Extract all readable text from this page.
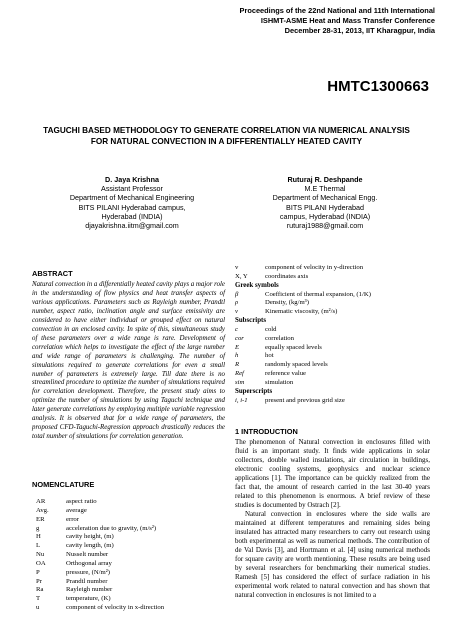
Proceedings of the 22nd National and 11th International
ISHMT-ASME Heat and Mass Transfer Conference
December 28-31, 2013, IIT Kharagpur, India
HMTC1300663
TAGUCHI BASED METHODOLOGY TO GENERATE CORRELATION VIA NUMERICAL ANALYSIS
FOR NATURAL CONVECTION IN A DIFFERENTIALLY HEATED CAVITY
D. Jaya Krishna
Assistant Professor
Department of Mechanical Engineering
BITS PILANI Hyderabad campus,
Hyderabad (INDIA)
djayakrishna.iitm@gmail.com
Ruturaj R. Deshpande
M.E Thermal
Department of Mechanical Engg.
BITS PILANI Hyderabad
campus, Hyderabad (INDIA)
ruturaj1988@gmail.com
ABSTRACT
Natural convection in a differentially heated cavity plays a major role in the understanding of flow physics and heat transfer aspects of various applications. Parameters such as Rayleigh number, Prandtl number, aspect ratio, inclination angle and surface emissivity are considered to have either individual or grouped effect on natural convection in an enclosed cavity. In spite of this, simultaneous study of these parameters over a wide range is rare. Development of correlation which helps to investigate the effect of the large number and wide range of parameters is challenging. The number of simulations required to generate correlations for even a small number of parameters is extremely large. Till date there is no streamlined procedure to optimize the number of simulations required for correlation development. Therefore, the present study aims to optimize the number of simulations by using Taguchi technique and later generate correlations by employing multiple variable regression analysis. It is observed that for a wide range of parameters, the proposed CFD-Taguchi-Regression approach drastically reduces the total number of simulations for correlation generation.
NOMENCLATURE
AR	aspect ratio
Avg.	average
ER	error
g	acceleration due to gravity, (m/s²)
H	cavity height, (m)
L	cavity length, (m)
Nu	Nusselt number
OA	Orthogonal array
P	pressure, (N/m²)
Pr	Prandtl number
Ra	Rayleigh number
T	temperature, (K)
u	component of velocity in x-direction
v	component of velocity in y-direction
X, Y	coordinates axis
Greek symbols
β	Coefficient of thermal expansion, (1/K)
ρ	Density, (kg/m³)
ν	Kinematic viscosity, (m²/s)
Subscripts
c	cold
cor	correlation
E	equally spaced levels
h	hot
R	randomly spaced levels
Ref	reference value
sim	simulation
Superscripts
i, i-1	present and previous grid size
1 INTRODUCTION

The phenomenon of Natural convection in enclosures filled with fluid is an important study. It finds wide applications in solar collectors, double walled insulations, air circulation in buildings, electronic cooling systems, geophysics and nuclear science applications [1]. The importance can be quickly realized from the fact that, the amount of research carried in the last 30-40 years related to this phenomenon is enormous. A brief review of these studies is documented by Ostrach [2].

Natural convection in enclosures where the side walls are maintained at different temperatures and remaining sides being insulated has attracted many researchers to carry out research using both experimental as well as numerical methods. The contribution of de Val Davis [3], and Hortmann et al. [4] using numerical methods for square cavity are worth mentioning. These results are being used by several researchers for benchmarking their numerical studies. Ramesh [5] has considered the effect of surface radiation in his experimental work related to natural convection and has shown that natural convection in enclosures is not limited to a
